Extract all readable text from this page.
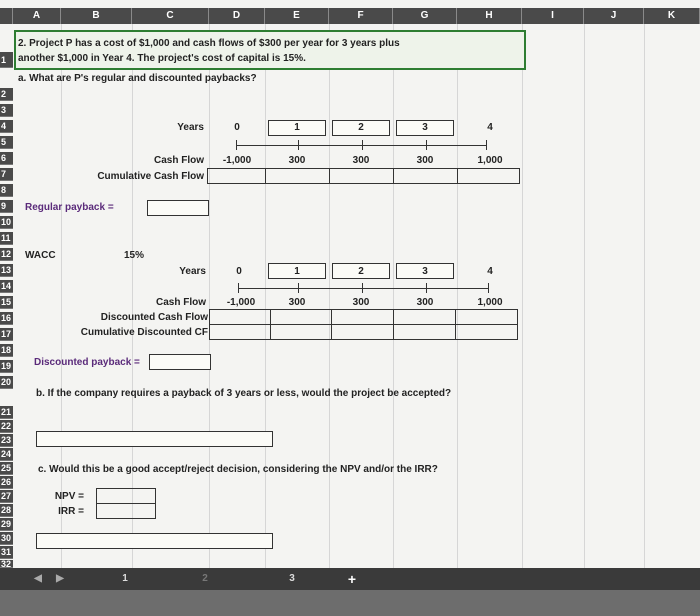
A	B	C	D	E	F	G	H	I	J	K
1
2. Project P has a cost of $1,000 and cash flows of $300 per year for 3 years plus
another $1,000 in Year 4. The project's cost of capital is 15%.
a. What are P's regular and discounted paybacks?
2
3
4
5
6
7
8
9
10
11
12
13
14
15
16
17
18
19
20
21
22
23
24
25
26
27
28
29
30
31
32
Years	0	1	2	3	4
Cash Flow	-1,000	300	300	300	1,000
Cumulative Cash Flow
Regular payback =
WACC	15%
Years	0	1	2	3	4
Cash Flow	-1,000	300	300	300	1,000
Discounted Cash Flow
Cumulative Discounted CF
Discounted payback =
b. If the company requires a payback of 3 years or less, would the project be accepted?
c. Would this be a good accept/reject decision, considering the NPV and/or the IRR?
NPV =
IRR =
◀	▶	1	2	3	+
